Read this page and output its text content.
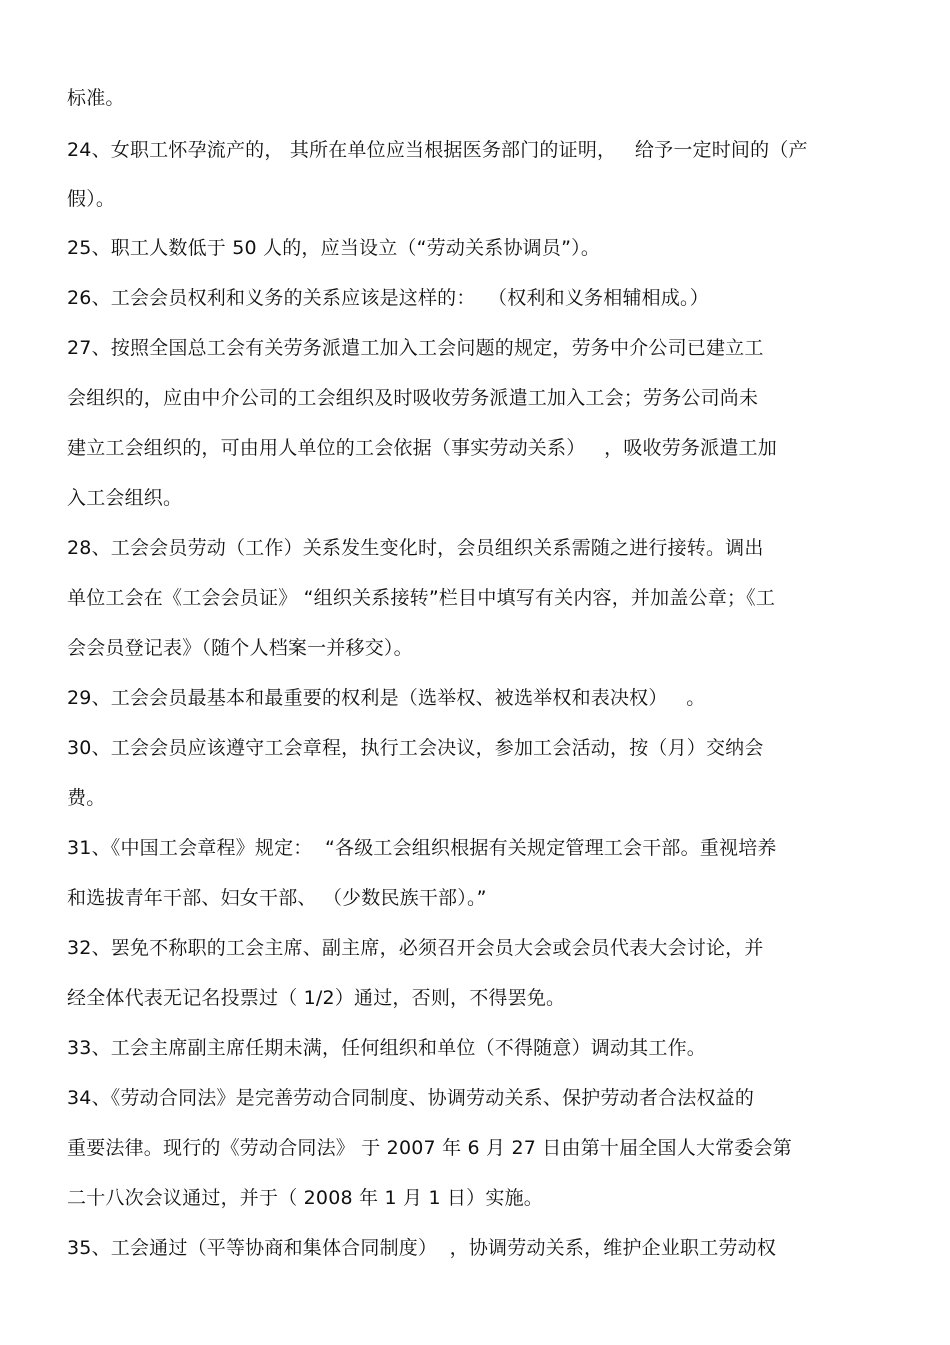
标准。
24、女职工怀孕流产的， 其所在单位应当根据医务部门的证明，   给予一定时间的（产
假）。
25、职工人数低于 50 人的，应当设立（“劳动关系协调员”）。
26、工会会员权利和义务的关系应该是这样的：  （权利和义务相辅相成。）
27、按照全国总工会有关劳务派遣工加入工会问题的规定，劳务中介公司已建立工
会组织的，应由中介公司的工会组织及时吸收劳务派遣工加入工会；劳务公司尚未
建立工会组织的，可由用人单位的工会依据（事实劳动关系）   ，吸收劳务派遣工加
入工会组织。
28、工会会员劳动（工作）关系发生变化时，会员组织关系需随之进行接转。调出
单位工会在《工会会员证》 “组织关系接转”栏目中填写有关内容，并加盖公章；《工
会会员登记表》（随个人档案一并移交）。
29、工会会员最基本和最重要的权利是（选举权、被选举权和表决权）   。
30、工会会员应该遵守工会章程，执行工会决议，参加工会活动，按（月）交纳会
费。
31、《中国工会章程》规定：  “各级工会组织根据有关规定管理工会干部。重视培养
和选拔青年干部、妇女干部、 （少数民族干部）。”
32、罢免不称职的工会主席、副主席，必须召开会员大会或会员代表大会讨论，并
经全体代表无记名投票过（ 1/2）通过，否则，不得罢免。
33、工会主席副主席任期未满，任何组织和单位（不得随意）调动其工作。
34、《劳动合同法》是完善劳动合同制度、协调劳动关系、保护劳动者合法权益的
重要法律。现行的《劳动合同法》 于 2007 年 6 月 27 日由第十届全国人大常委会第
二十八次会议通过，并于（ 2008 年 1 月 1 日）实施。
35、工会通过（平等协商和集体合同制度）  ，协调劳动关系，维护企业职工劳动权
